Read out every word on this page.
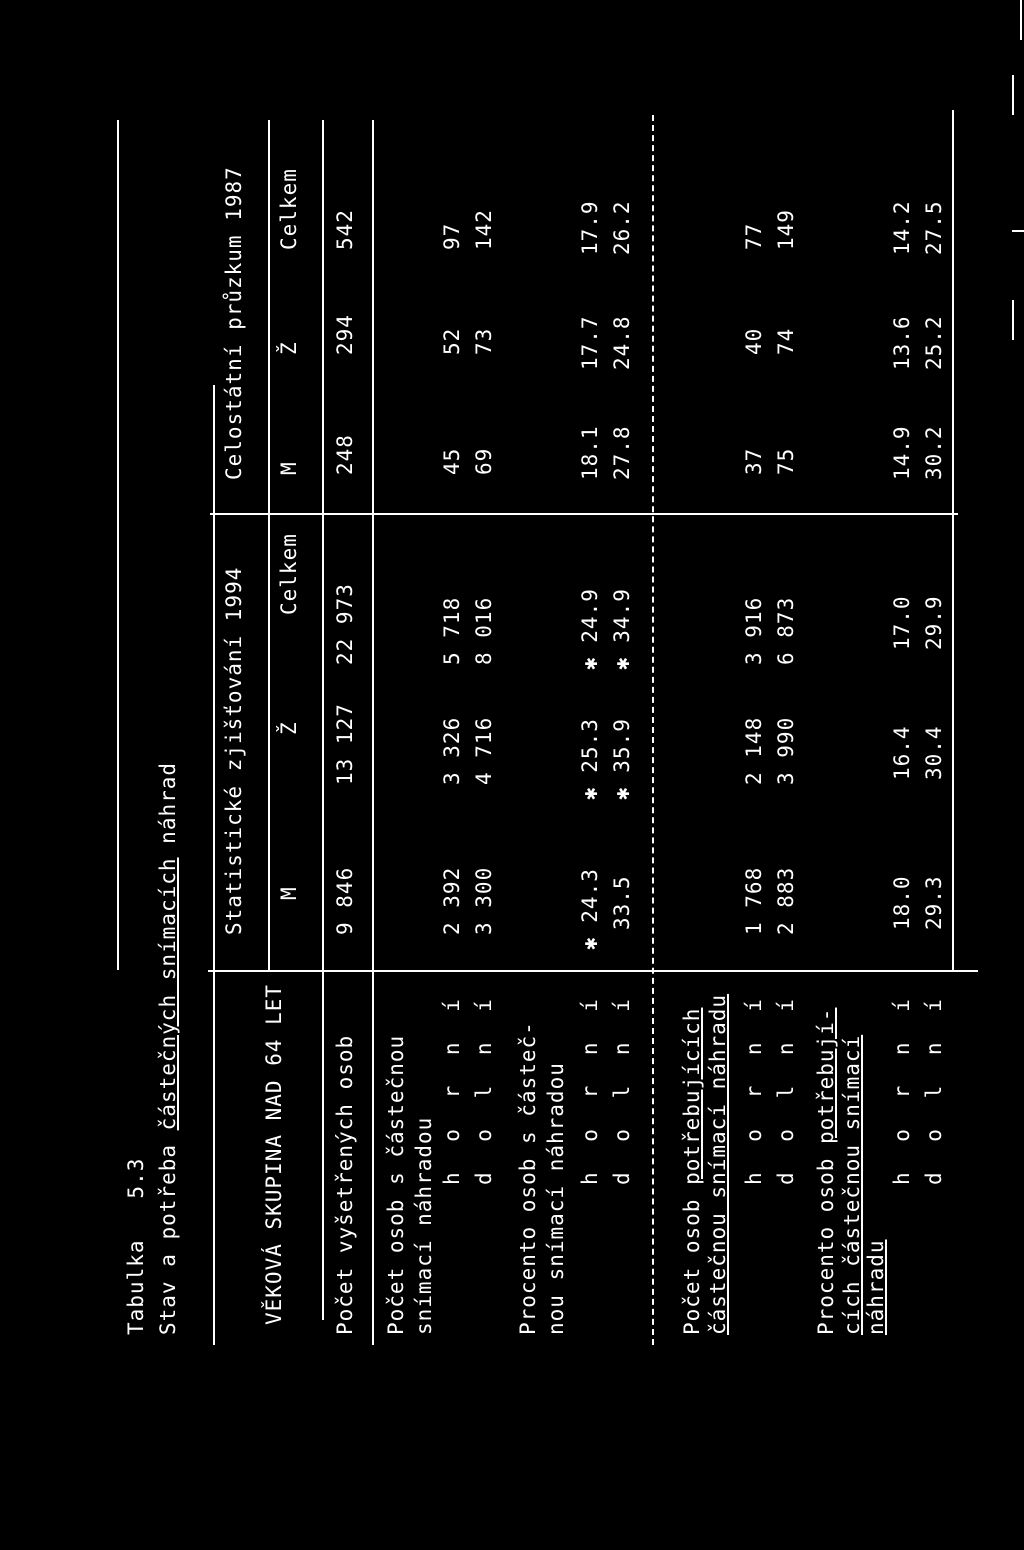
Tabulka   5.3 Stav a potřeba částečných snímacích náhrad
VĚKOVÁ SKUPINA NAD 64 LET
Statistické zjišťování 1994
Celostátní průzkum 1987
M
Ž
Celkem
M
Ž
Celkem
Počet vyšetřených osob
9 846
13 127
22 973
248
294
542
Počet osob s částečnou snímací náhradou
h o r n í
2 392
3 326
5 718
45
52
97
d o l n í
3 300
4 716
8 016
69
73
142
Procento osob s částeč- nou snímací náhradou h o r n í
✱ 24.3
✱ 25.3
✱ 24.9
18.1
17.7
17.9
d o l n í
33.5
✱ 35.9
✱ 34.9
27.8
24.8
26.2
Počet osob potřebujících částečnou snímací náhradu h o r n í
1 768
2 148
3 916
37
40
77
d o l n í
2 883
3 990
6 873
75
74
149
Procento osob potřebují- cích částečnou snímací náhradu
h o r n í
18.0
16.4
17.0
14.9
13.6
14.2
d o l n í
29.3
30.4
29.9
30.2
25.2
27.5
